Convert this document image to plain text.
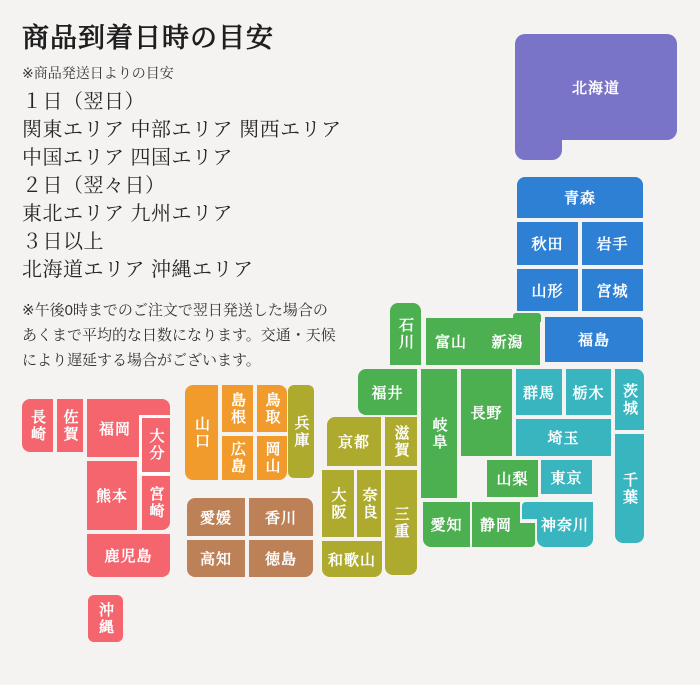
商品到着日時の目安

※商品発送日よりの目安

１日（翌日）
関東エリア 中部エリア 関西エリア
中国エリア 四国エリア
２日（翌々日）
東北エリア 九州エリア
３日以上
北海道エリア 沖縄エリア

※午後0時までのご注文で翌日発送した場合の

あくまで平均的な日数になります。交通・天候

により遅延する場合がございます。

北海道
青森
秋田	岩手
山形	宮城
福島
石川	富山	新潟
福井
岐阜
長野
山梨
愛知	静岡
群馬	栃木	茨城
埼玉
東京	千葉
神奈川
兵庫	京都	滋賀
大阪 奈良
三重
和歌山
山口
島根	鳥取
広島	岡山
愛媛	香川
高知	徳島
長崎	佐賀	福岡	大分
熊本	宮崎
鹿児島
沖縄
